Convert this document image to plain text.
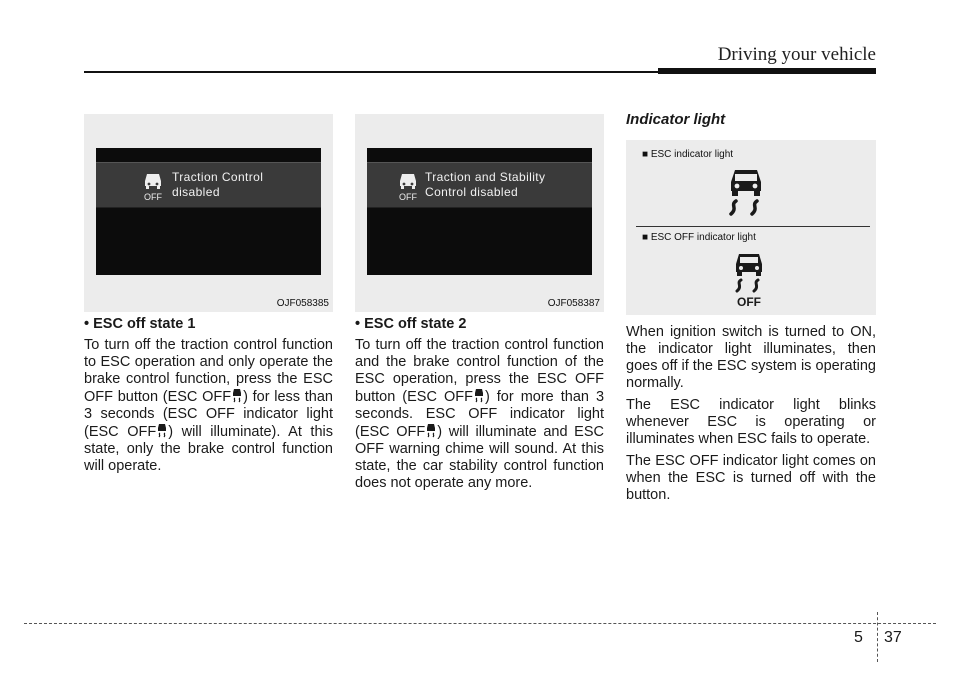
Driving your vehicle
OFF
Traction Control
disabled
OJF058385
OFF
Traction and Stability
Control disabled
OJF058387
Indicator light
■ ESC indicator light
■ ESC OFF indicator light
OFF

• ESC off state 1

To turn off the traction control function to ESC operation and only operate the brake control function, press the ESC OFF button (ESC OFF ) for less than 3 seconds (ESC OFF indicator light (ESC OFF ) will illuminate). At this state, only the brake control function will operate.

• ESC off state 2

To turn off the traction control function and the brake control function of the ESC operation, press the ESC OFF button (ESC OFF ) for more than 3 seconds. ESC OFF indicator light (ESC OFF ) will illuminate and ESC OFF warning chime will sound. At this state, the car stability control function does not operate any more.

When ignition switch is turned to ON, the indicator light illuminates, then goes off if the ESC system is operating normally.

The ESC indicator light blinks whenever ESC is operating or illuminates when ESC fails to operate.

The ESC OFF indicator light comes on when the ESC is turned off with the button.

5 37
